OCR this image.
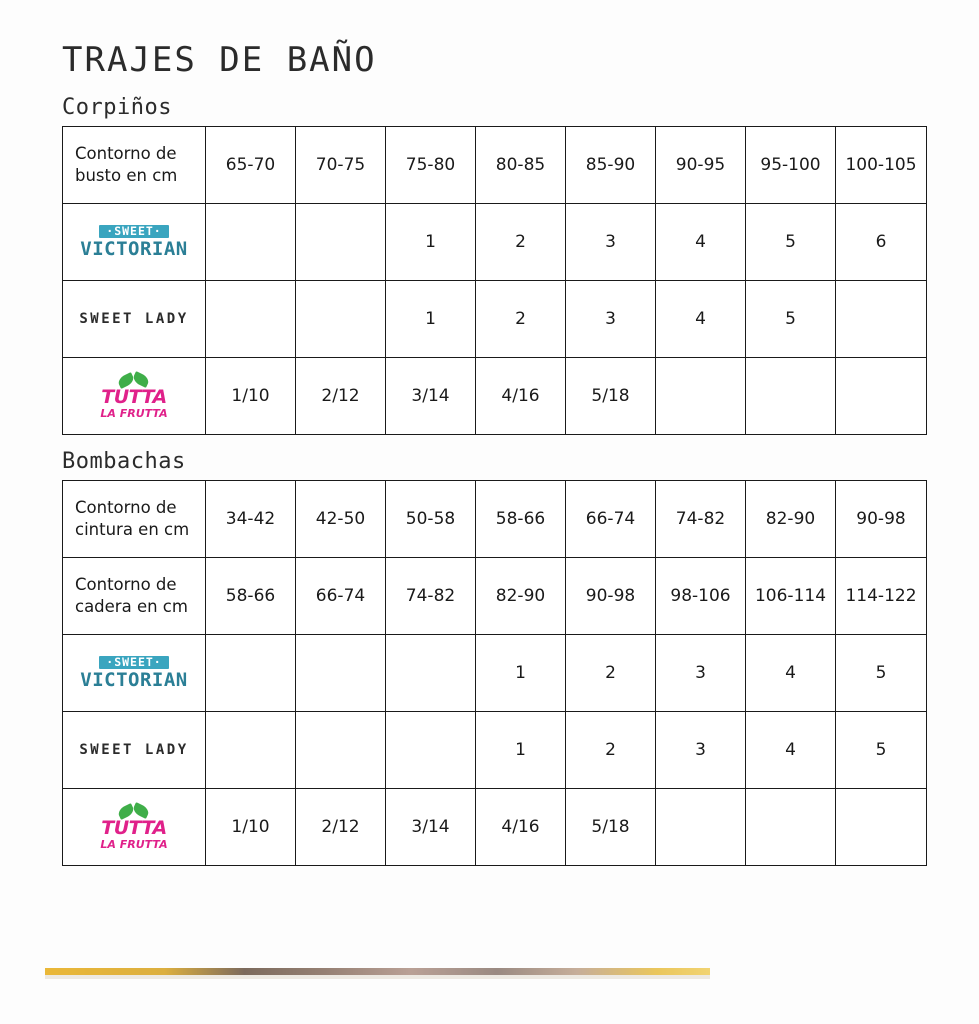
TRAJES DE BAÑO
Corpiños
Contorno de busto en cm	65-70	70-75	75-80	80-85	85-90	90-95	95-100	100-105

·SWEET·
VICTORIAN			1	2	3	4	5	6

SWEET LADY			1	2	3	4	5	

TUTTA
LA FRUTTA	1/10	2/12	3/14	4/16	5/18			
Bombachas
Contorno de cintura en cm	34-42	42-50	50-58	58-66	66-74	74-82	82-90	90-98
Contorno de cadera en cm	58-66	66-74	74-82	82-90	90-98	98-106	106-114	114-122

·SWEET·
VICTORIAN				1	2	3	4	5

SWEET LADY				1	2	3	4	5

TUTTA
LA FRUTTA	1/10	2/12	3/14	4/16	5/18			
